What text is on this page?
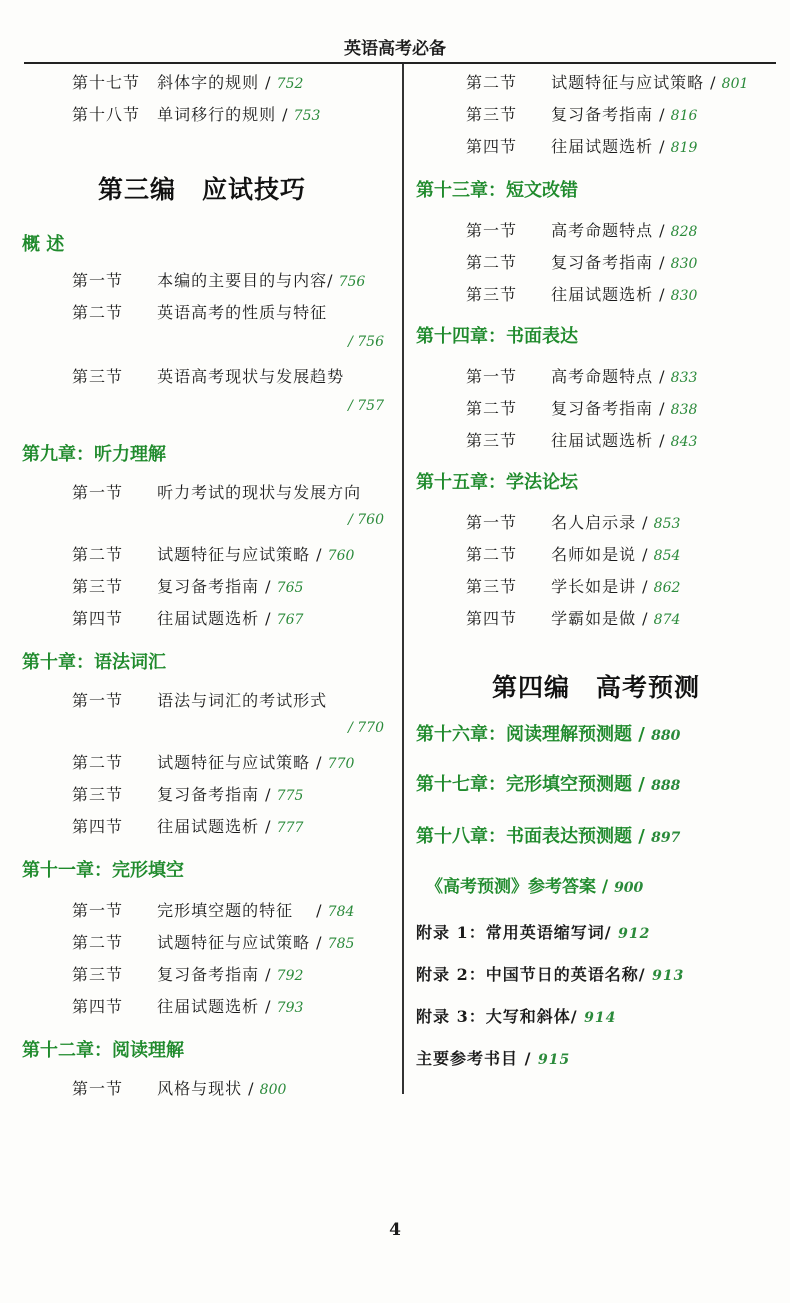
英语高考必备
第十七节 斜体字的规则 / 752
第十八节 单词移行的规则 / 753
第三编　应试技巧
概 述
第一节 本编的主要目的与内容/ 756
第二节 英语高考的性质与特征
/ 756
第三节 英语高考现状与发展趋势
/ 757
第九章：听力理解
第一节 听力考试的现状与发展方向
/ 760
第二节 试题特征与应试策略 / 760
第三节 复习备考指南 / 765
第四节 往届试题选析 / 767
第十章：语法词汇
第一节 语法与词汇的考试形式
/ 770
第二节 试题特征与应试策略 / 770
第三节 复习备考指南 / 775
第四节 往届试题选析 / 777
第十一章：完形填空
第一节 完形填空题的特征　 / 784
第二节 试题特征与应试策略 / 785
第三节 复习备考指南 / 792
第四节 往届试题选析 / 793
第十二章：阅读理解
第一节 风格与现状 / 800
第二节 试题特征与应试策略 / 801
第三节 复习备考指南 / 816
第四节 往届试题选析 / 819
第十三章：短文改错
第一节 高考命题特点 / 828
第二节 复习备考指南 / 830
第三节 往届试题选析 / 830
第十四章：书面表达
第一节 高考命题特点 / 833
第二节 复习备考指南 / 838
第三节 往届试题选析 / 843
第十五章：学法论坛
第一节 名人启示录 / 853
第二节 名师如是说 / 854
第三节 学长如是讲 / 862
第四节 学霸如是做 / 874
第四编　高考预测
第十六章：阅读理解预测题 / 880
第十七章：完形填空预测题 / 888
第十八章：书面表达预测题 / 897
《高考预测》参考答案 / 900
附录 1：常用英语缩写词/ 912
附录 2：中国节日的英语名称/ 913
附录 3：大写和斜体/ 914
主要参考书目 / 915
4
